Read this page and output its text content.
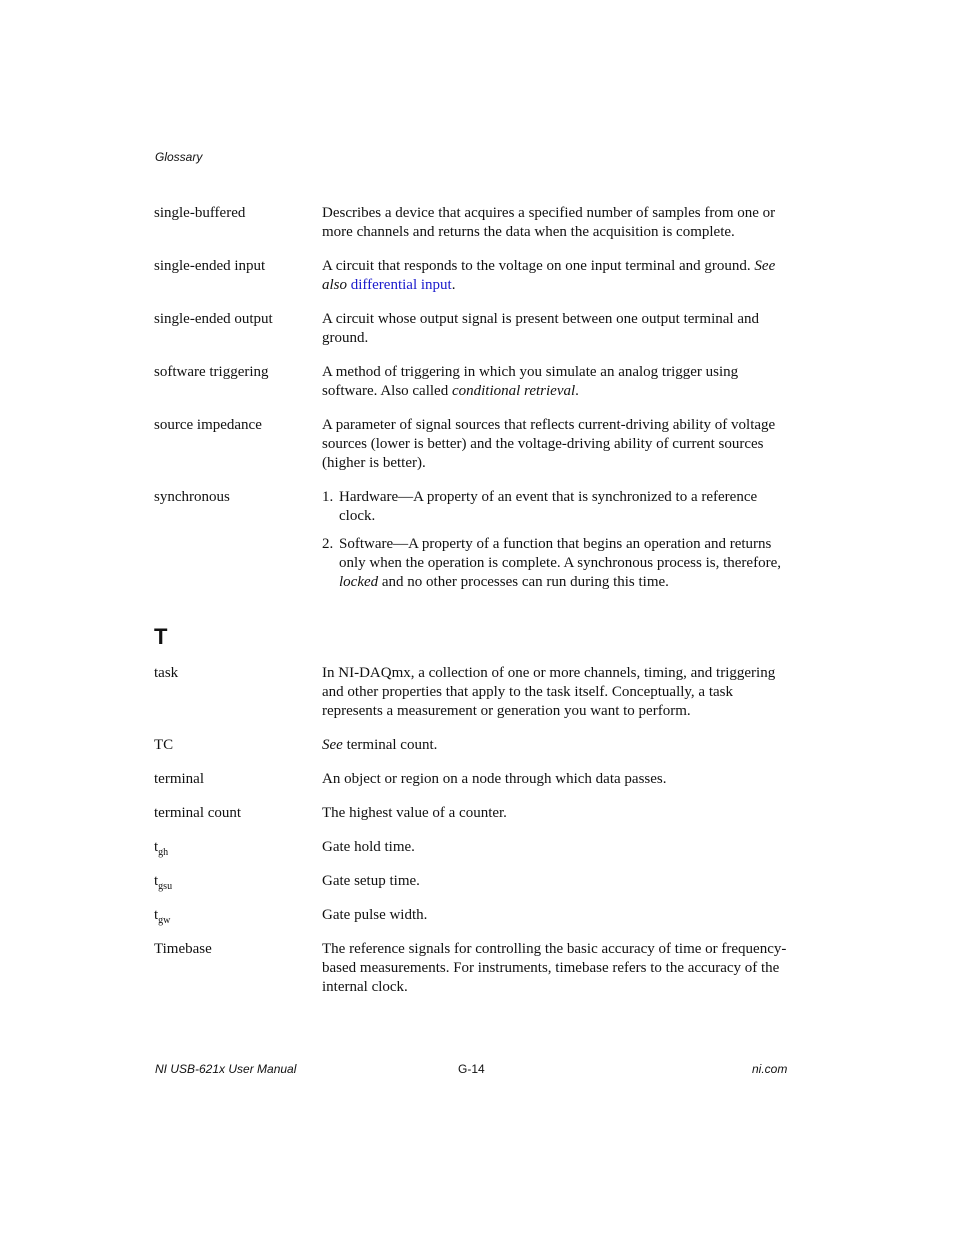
Glossary
single-buffered	Describes a device that acquires a specified number of samples from one or more channels and returns the data when the acquisition is complete.
single-ended input	A circuit that responds to the voltage on one input terminal and ground. See also differential input.
single-ended output	A circuit whose output signal is present between one output terminal and ground.
software triggering	A method of triggering in which you simulate an analog trigger using software. Also called conditional retrieval.
source impedance	A parameter of signal sources that reflects current-driving ability of voltage sources (lower is better) and the voltage-driving ability of current sources (higher is better).
synchronous	1. Hardware—A property of an event that is synchronized to a reference clock.
2. Software—A property of a function that begins an operation and returns only when the operation is complete. A synchronous process is, therefore, locked and no other processes can run during this time.
T
task	In NI-DAQmx, a collection of one or more channels, timing, and triggering and other properties that apply to the task itself. Conceptually, a task represents a measurement or generation you want to perform.
TC	See terminal count.
terminal	An object or region on a node through which data passes.
terminal count	The highest value of a counter.
$t_{gh}$	Gate hold time.
$t_{gsu}$	Gate setup time.
$t_{gw}$	Gate pulse width.
Timebase	The reference signals for controlling the basic accuracy of time or frequency-based measurements. For instruments, timebase refers to the accuracy of the internal clock.
NI USB-621x User Manual	G-14	ni.com
